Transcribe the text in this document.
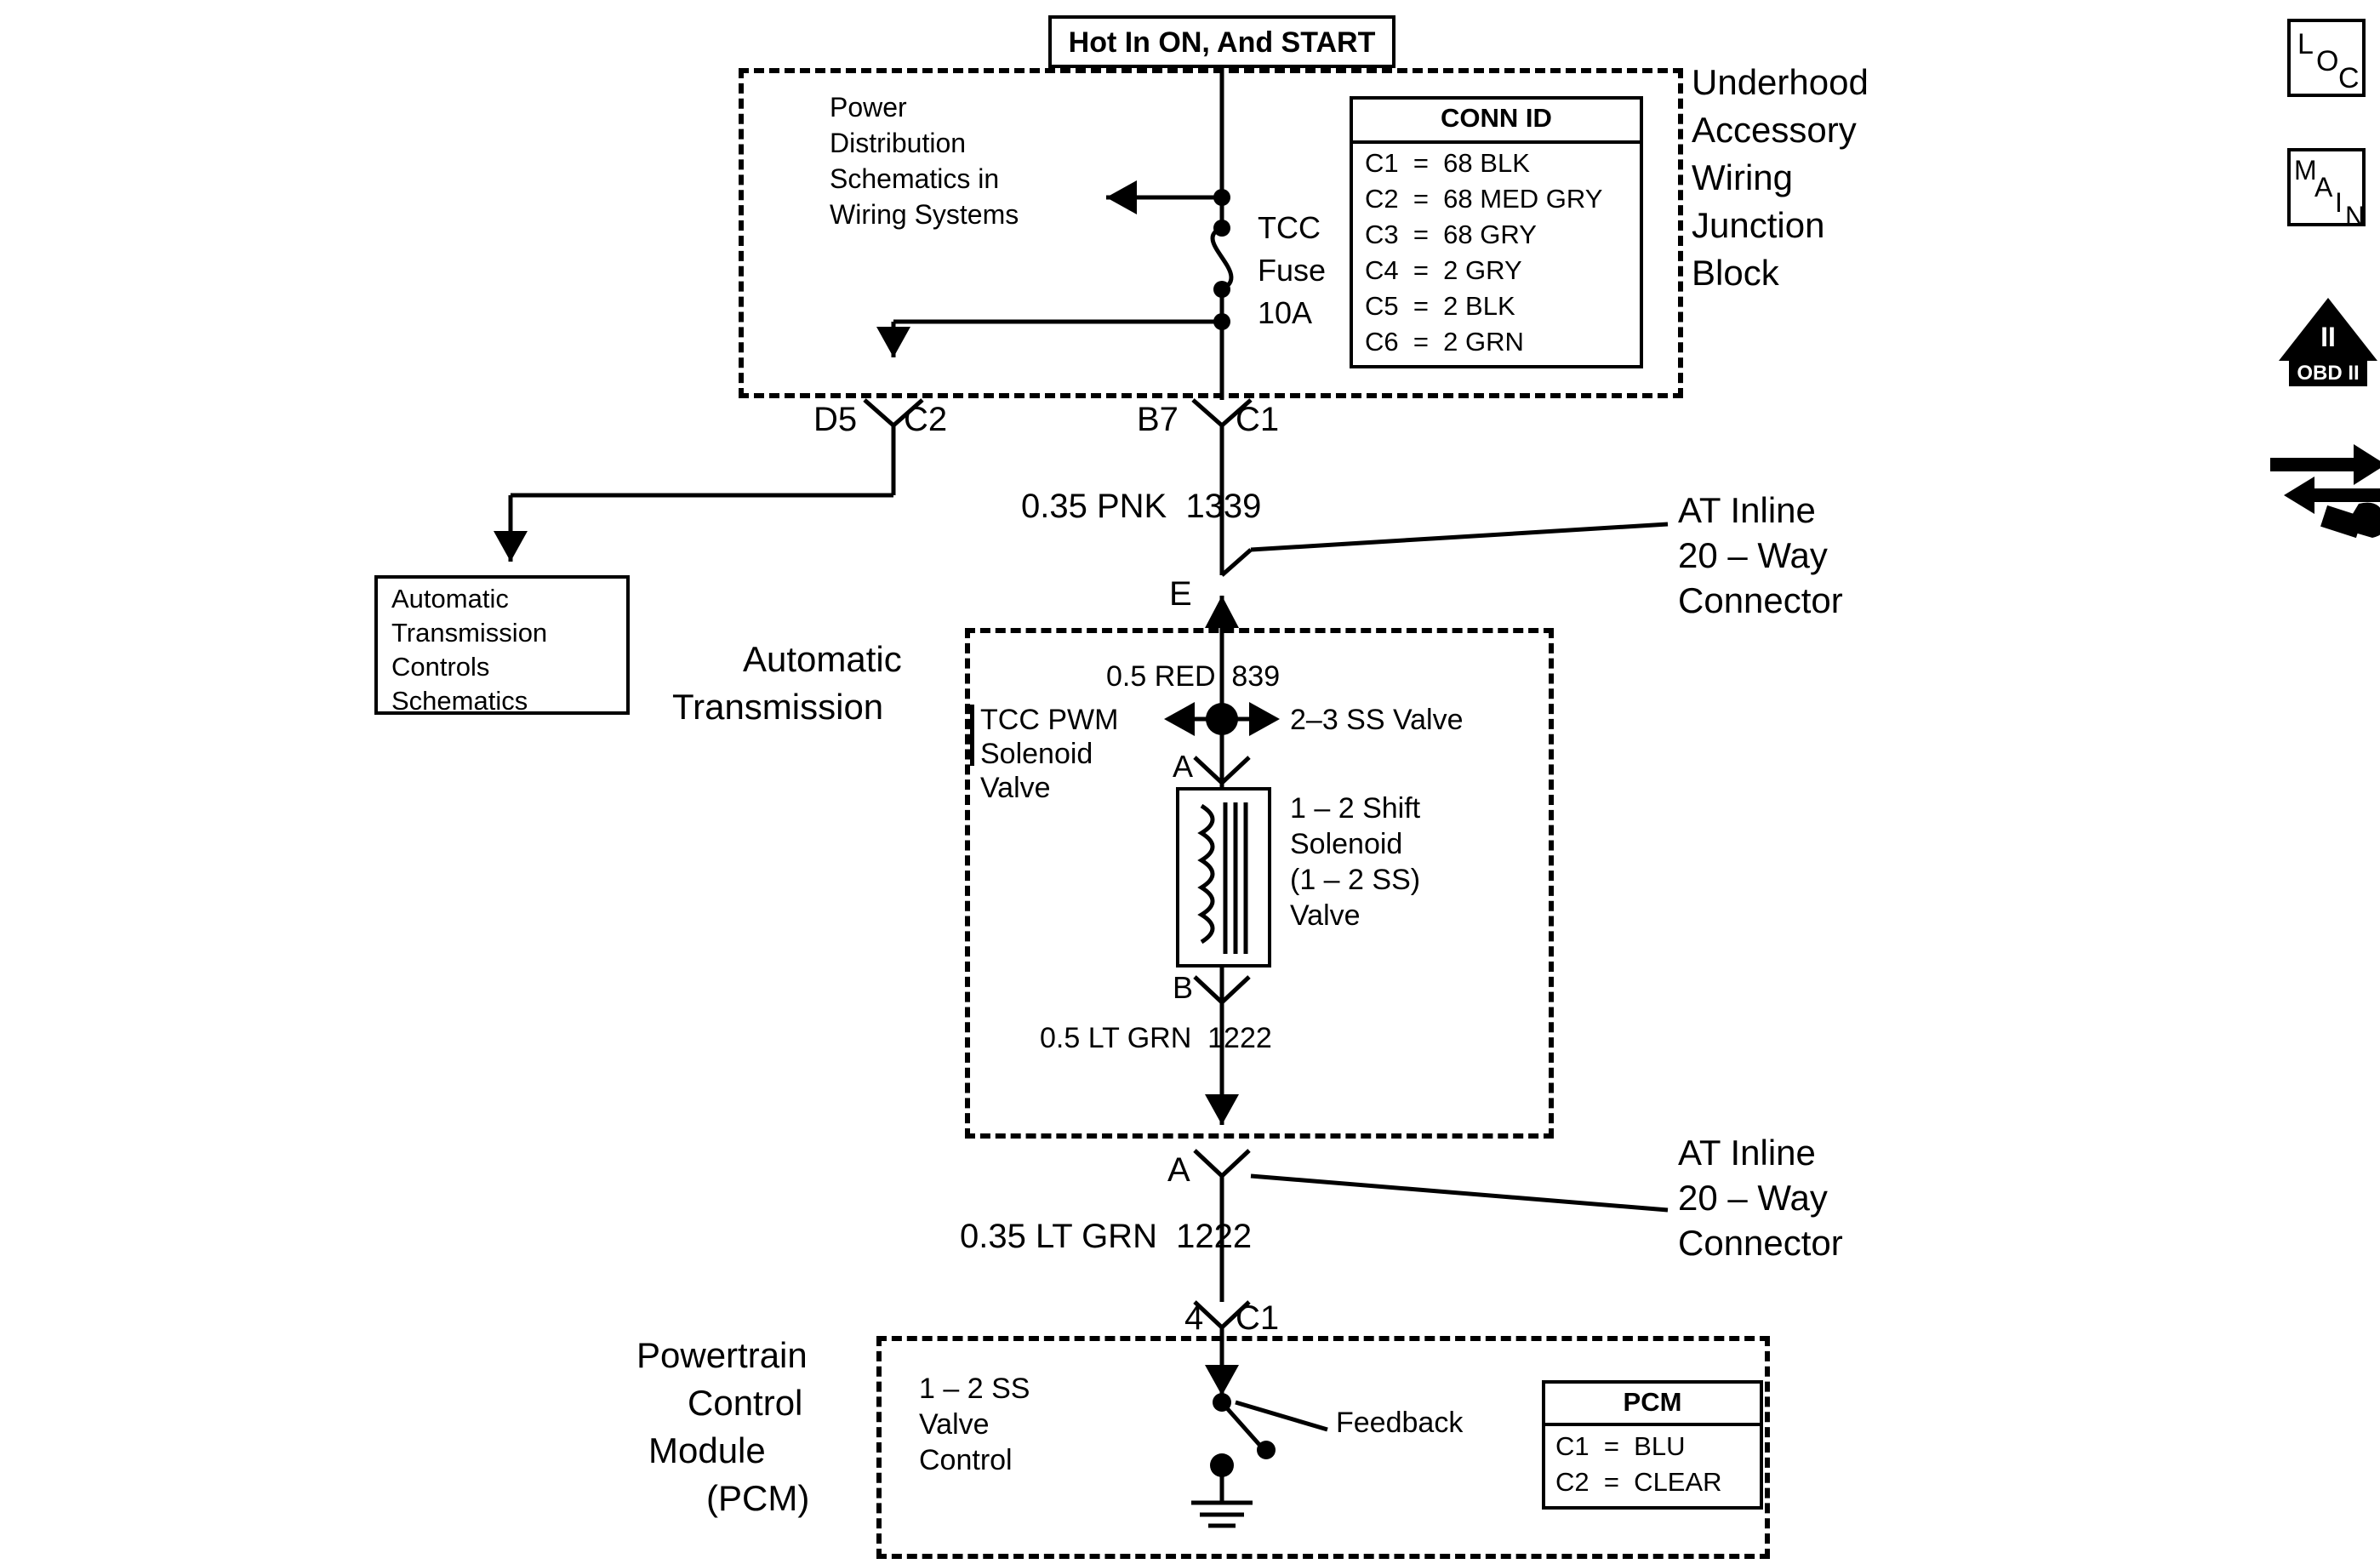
Hot In ON, And START
Underhood
Accessory
Wiring
Junction
Block
Power
Distribution
Schematics in
Wiring Systems
CONN ID
C1  =  68 BLK
C2  =  68 MED GRY
C3  =  68 GRY
C4  =  2 GRY
C5  =  2 BLK
C6  =  2 GRN
TCC
Fuse
10A
D5 C2	B7 C1
Automatic
Transmission
Controls
Schematics
0.35 PNK  1339	AT Inline
20 – Way
Connector
E
Automatic
Transmission
0.5 RED  839
TCC PWM
Solenoid
Valve
2–3 SS Valve
A
1 – 2 Shift
Solenoid
(1 – 2 SS)
Valve
B
0.5 LT GRN  1222
A	AT Inline
20 – Way
Connector
0.35 LT GRN  1222
4 C1
Powertrain
Control
Module
(PCM)
1 – 2 SS
Valve
Control
Feedback
PCM
C1  =  BLU
C2  =  CLEAR
L
O
C
M
A I N
II
OBD II
